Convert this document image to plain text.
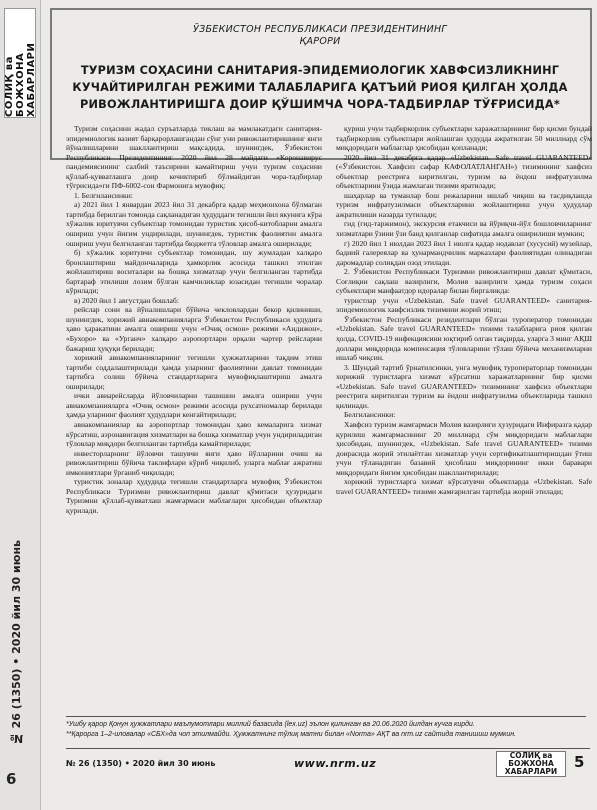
СОЛИҚ ва БОЖХОНА ХАБАРЛАРИ
№ 26 (1350) • 2020 йил 30 июнь
6
ЎЗБЕКИСТОН РЕСПУБЛИКАСИ ПРЕЗИДЕНТИНИНГ
ҚАРОРИ
ТУРИЗМ СОҲАСИНИ САНИТАРИЯ-ЭПИДЕМИОЛОГИК ХАВФСИЗЛИКНИНГ
КУЧАЙТИРИЛГАН РЕЖИМИ ТАЛАБЛАРИГА ҚАТЪИЙ РИОЯ ҚИЛГАН ҲОЛДА
РИВОЖЛАНТИРИШГА ДОИР ҚЎШИМЧА ЧОРА-ТАДБИРЛАР ТЎҒРИСИДА*

Туризм соҳасини жадал суръатларда тиклаш ва мамлакатдаги санитария-эпидемиологик вазият барқарорлашгандан сўнг уни ривожлантиришнинг янги йўналишларини шакллантириш мақсадида, шунингдек, Ўзбекистон Республикаси Президентининг 2020 йил 28 майдаги «Коронавирус пандемиясининг салбий таъсирини камайтириш учун туризм соҳасини қўллаб-қувватлашга доир кечиктириб бўлмайдиган чора-тадбирлар тўғрисида»ги ПФ-6002-сон Фармонига мувофиқ:

1. Белгилансинки:

а) 2021 йил 1 январдан 2023 йил 31 декабрга қадар меҳмонхона бўлмаган тартибда берилган томонда сақланадиган ҳудуддаги тегишли йил якунига кўра хўжалик юритувчи субъектлар томонидан туристик ҳисоб-китобларни амалга ошириш учун йиғим ундирилади, шунингдек, туристик фаолиятни амалга ошириш учун белгиланган тартибда бюджетга тўловлар амалга оширилади;

б) хўжалик юритувчи субъектлар томонидан, шу жумладан халқаро бронлаштириш майдончаларида ҳамкорлик асосида ташкил этилган жойлаштириш воситалари ва бошқа хизматлар учун белгиланган тартибда бартараф этилиши лозим бўлган камчиликлар юзасидан тегишли чоралар кўрилади;

в) 2020 йил 1 августдан бошлаб:

рейслар сони ва йўналишлари бўйича чекловлардан бекор қилиниши, шунингдек, хорижий авиакомпанияларга Ўзбекистон Республикаси ҳудудига ҳаво ҳаракатини амалга ошириш учун «Очиқ осмон» режими «Андижон», «Бухоро» ва «Урганч» халқаро аэропортлари орқали чартер рейсларни бажариш ҳуқуқи берилади;

хорижий авиакомпанияларнинг тегишли ҳужжатларини тақдим этиш тартиби соддалаштирилади ҳамда уларнинг фаолиятини давлат томонидан тартибга солиш бўйича стандартларига мувофиқлаштириш амалга оширилади;

ички авиарейсларда йўловчиларни ташишни амалга ошириш учун авиакомпанияларга «Очиқ осмон» режими асосида рухсатномалар берилади ҳамда уларнинг фаолият ҳудудлари кенгайтирилади;

авиакомпаниялар ва аэропортлар томонидан ҳаво кемаларига хизмат кўрсатиш, аэронавигация хизматлари ва бошқа хизматлар учун ундириладиган тўловлар миқдори белгиланган тартибда камайтирилади;

инвесторларнинг йўловчи ташувчи янги ҳаво йўлларини очиш ва ривожлантириш бўйича таклифлари кўриб чиқилиб, уларга маблағ ажратиш имкониятлари ўрганиб чиқилади;

туристик зоналар ҳудудида тегишли стандартларга мувофиқ Ўзбекистон Республикаси Туризмни ривожлантириш давлат қўмитаси ҳузуридаги Туризмни қўллаб-қувватлаш жамғармаси маблағлари ҳисобидан объектлар қурилади.

қуриш учун тадбиркорлик субъектлари харажатларининг бир қисми бундай тадбиркорлик субъектлари жойлашган ҳудудда ажратилган 50 миллиард сўм миқдоридаги маблағлар ҳисобидан қопланади;

2020 йил 31 декабрга қадар «Uzbekistan. Safe travel GUARANTEED» («Ўзбекистон. Хавфсиз сафар КАФОЛАТЛАНГАН») тизимининг хавфсиз объектлар реестрига киритилган, туризм ва ёндош инфратузилма объектларини ўзида жамлаган тизими яратилади;

шаҳарлар ва туманлар бош режаларини ишлаб чиқиш ва тасдиқлашда туризм инфратузилмаси объектларини жойлаштириш учун ҳудудлар ажратилиши назарда тутилади;

гид (гид-таржимон), экскурсия етакчиси ва йўриқчи-йўл бошловчиларнинг хизматлари ўзини ўзи банд қилганлар сифатида амалга оширилиши мумкин;

г) 2020 йил 1 июлдан 2023 йил 1 июлга қадар нодавлат (хусусий) музейлар, бадиий галереялар ва ҳунармандчилик марказлари фаолиятидан олинадиган даромадлар солиқдан озод этилади.

2. Ўзбекистон Республикаси Туризмни ривожлантириш давлат қўмитаси, Соғлиқни сақлаш вазирлиги, Молия вазирлиги ҳамда туризм соҳаси субъектлари манфаатдор идоралар билан биргаликда:

туристлар учун «Uzbekistan. Safe travel GUARANTEED» санитария-эпидемиологик хавфсизлик тизимини жорий этиш;

Ўзбекистон Республикаси резидентлари бўлган туроператор томонидан «Uzbekistan. Safe travel GUARANTEED» тизими талабларига риоя қилган ҳолда, COVID-19 инфекциясини юқтириб олган тақдирда, уларга 3 минг АҚШ доллари миқдорида компенсация тўловларини тўлаш бўйича механизмларни ишлаб чиқсин.

3. Шундай тартиб ўрнатилсинки, унга мувофиқ туроператорлар томонидан хорижий туристларга хизмат кўрсатиш харажатларининг бир қисми «Uzbekistan. Safe travel GUARANTEED» тизимининг хавфсиз объектлари реестрига киритилган туризм ва ёндош инфратузилма объектларида ташкил қилинади.

Белгилансинки:

Хавфсиз туризм жамғармаси Молия вазирлиги ҳузуридаги Инфиразга қадар қурилиш жамғармасининг 20 миллиард сўм миқдоридаги маблағлари ҳисобидан, шунингдек, «Uzbekistan. Safe travel GUARANTEED» тизими доирасида жорий этилаётган хизматлар учун сертификатлаштиришдан ўтиш учун тўланадиган базавий ҳисоблаш миқдорининг икки баравари миқдоридаги йиғим ҳисобидан шакллантирилади;

хорижий туристларга хизмат кўрсатувчи объектларда «Uzbekistan. Safe travel GUARANTEED» тизими жамғарилган тартибда жорий этилади;

*Ушбу қарор Қонун ҳужжатлари маълумотлари миллий базасида (lex.uz) эълон қилинган ва 20.06.2020 йилдан кучга кирди.
**Қарорга 1–2-иловалар «СБХ»да чоп этилмайди. Ҳужжатнинг тўлиқ матни билан «Norma» АҚТ ва nrm.uz сайтида танишиш мумкин.
№ 26 (1350) • 2020 йил 30 июнь	www.nrm.uz
СОЛИҚ ва
БОЖХОНА ХАБАРЛАРИ
5
